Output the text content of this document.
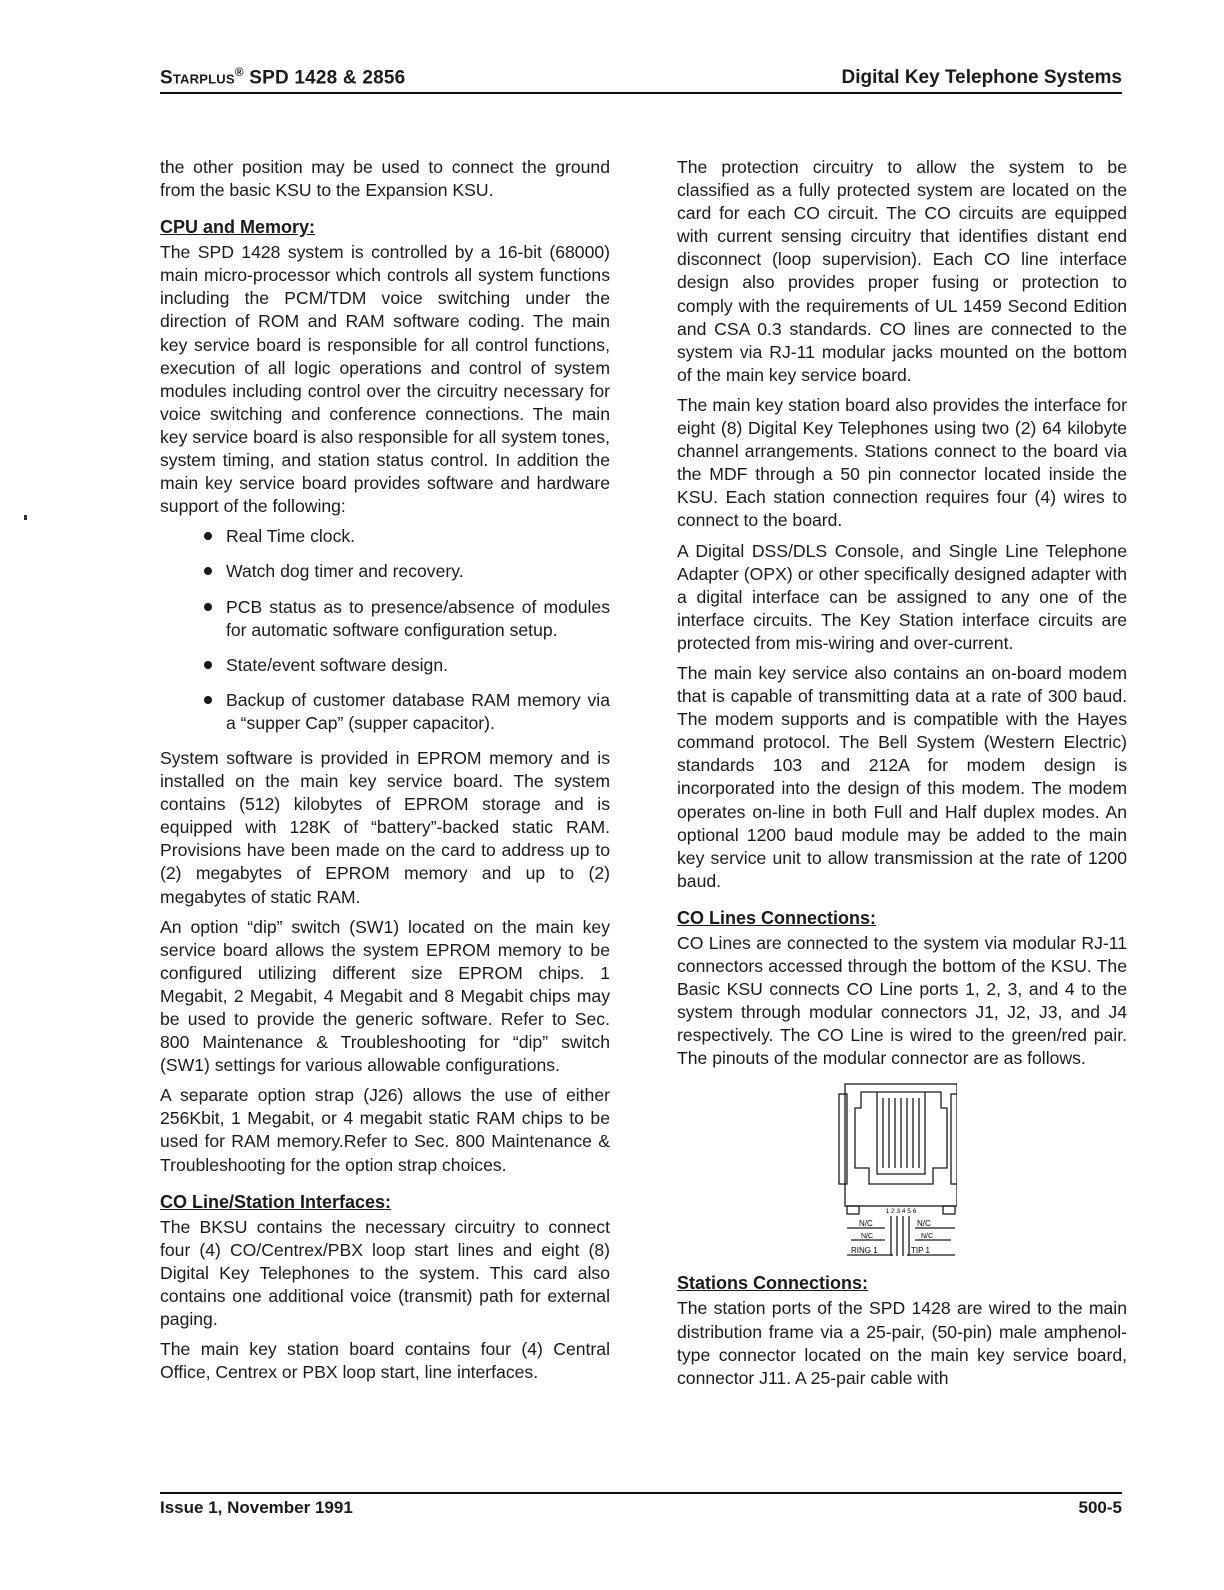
Starplus® SPD 1428 & 2856	Digital Key Telephone Systems

the other position may be used to connect the ground from the basic KSU to the Expansion KSU.

CPU and Memory:

The SPD 1428 system is controlled by a 16-bit (68000) main micro-processor which controls all system functions including the PCM/TDM voice switching under the direction of ROM and RAM software coding. The main key service board is responsible for all control functions, execution of all logic operations and control of system modules including control over the circuitry necessary for voice switching and conference connections. The main key service board is also responsible for all system tones, system timing, and station status control. In addition the main key service board provides software and hardware support of the following:

Real Time clock.
Watch dog timer and recovery.
PCB status as to presence/absence of modules for automatic software configuration setup.
State/event software design.
Backup of customer database RAM memory via a “supper Cap” (supper capacitor).

System software is provided in EPROM memory and is installed on the main key service board. The system contains (512) kilobytes of EPROM storage and is equipped with 128K of “battery”-backed static RAM. Provisions have been made on the card to address up to (2) megabytes of EPROM memory and up to (2) megabytes of static RAM.

An option “dip” switch (SW1) located on the main key service board allows the system EPROM memory to be configured utilizing different size EPROM chips. 1 Megabit, 2 Megabit, 4 Megabit and 8 Megabit chips may be used to provide the generic software. Refer to Sec. 800 Maintenance & Troubleshooting for “dip” switch (SW1) settings for various allowable configurations.

A separate option strap (J26) allows the use of either 256Kbit, 1 Megabit, or 4 megabit static RAM chips to be used for RAM memory.Refer to Sec. 800 Maintenance & Troubleshooting for the option strap choices.

CO Line/Station Interfaces:

The BKSU contains the necessary circuitry to connect four (4) CO/Centrex/PBX loop start lines and eight (8) Digital Key Telephones to the system. This card also contains one additional voice (transmit) path for external paging.

The main key station board contains four (4) Central Office, Centrex or PBX loop start, line interfaces.

The protection circuitry to allow the system to be classified as a fully protected system are located on the card for each CO circuit. The CO circuits are equipped with current sensing circuitry that identifies distant end disconnect (loop supervision). Each CO line interface design also provides proper fusing or protection to comply with the requirements of UL 1459 Second Edition and CSA 0.3 standards. CO lines are connected to the system via RJ-11 modular jacks mounted on the bottom of the main key service board.

The main key station board also provides the interface for eight (8) Digital Key Telephones using two (2) 64 kilobyte channel arrangements. Stations connect to the board via the MDF through a 50 pin connector located inside the KSU. Each station connection requires four (4) wires to connect to the board.

A Digital DSS/DLS Console, and Single Line Telephone Adapter (OPX) or other specifically designed adapter with a digital interface can be assigned to any one of the interface circuits. The Key Station interface circuits are protected from mis-wiring and over-current.

The main key service also contains an on-board modem that is capable of transmitting data at a rate of 300 baud. The modem supports and is compatible with the Hayes command protocol. The Bell System (Western Electric) standards 103 and 212A for modem design is incorporated into the design of this modem. The modem operates on-line in both Full and Half duplex modes. An optional 1200 baud module may be added to the main key service unit to allow transmission at the rate of 1200 baud.

CO Lines Connections:

CO Lines are connected to the system via modular RJ-11 connectors accessed through the bottom of the KSU. The Basic KSU connects CO Line ports 1, 2, 3, and 4 to the system through modular connectors J1, J2, J3, and J4 respectively. The CO Line is wired to the green/red pair. The pinouts of the modular connector are as follows.

1 2 3 4 5 6
N/C	N/C
N/C	N/C
RING 1	TIP 1
Stations Connections:

The station ports of the SPD 1428 are wired to the main distribution frame via a 25-pair, (50-pin) male amphenol-type connector located on the main key service board, connector J11. A 25-pair cable with

Issue 1, November 1991	500-5
